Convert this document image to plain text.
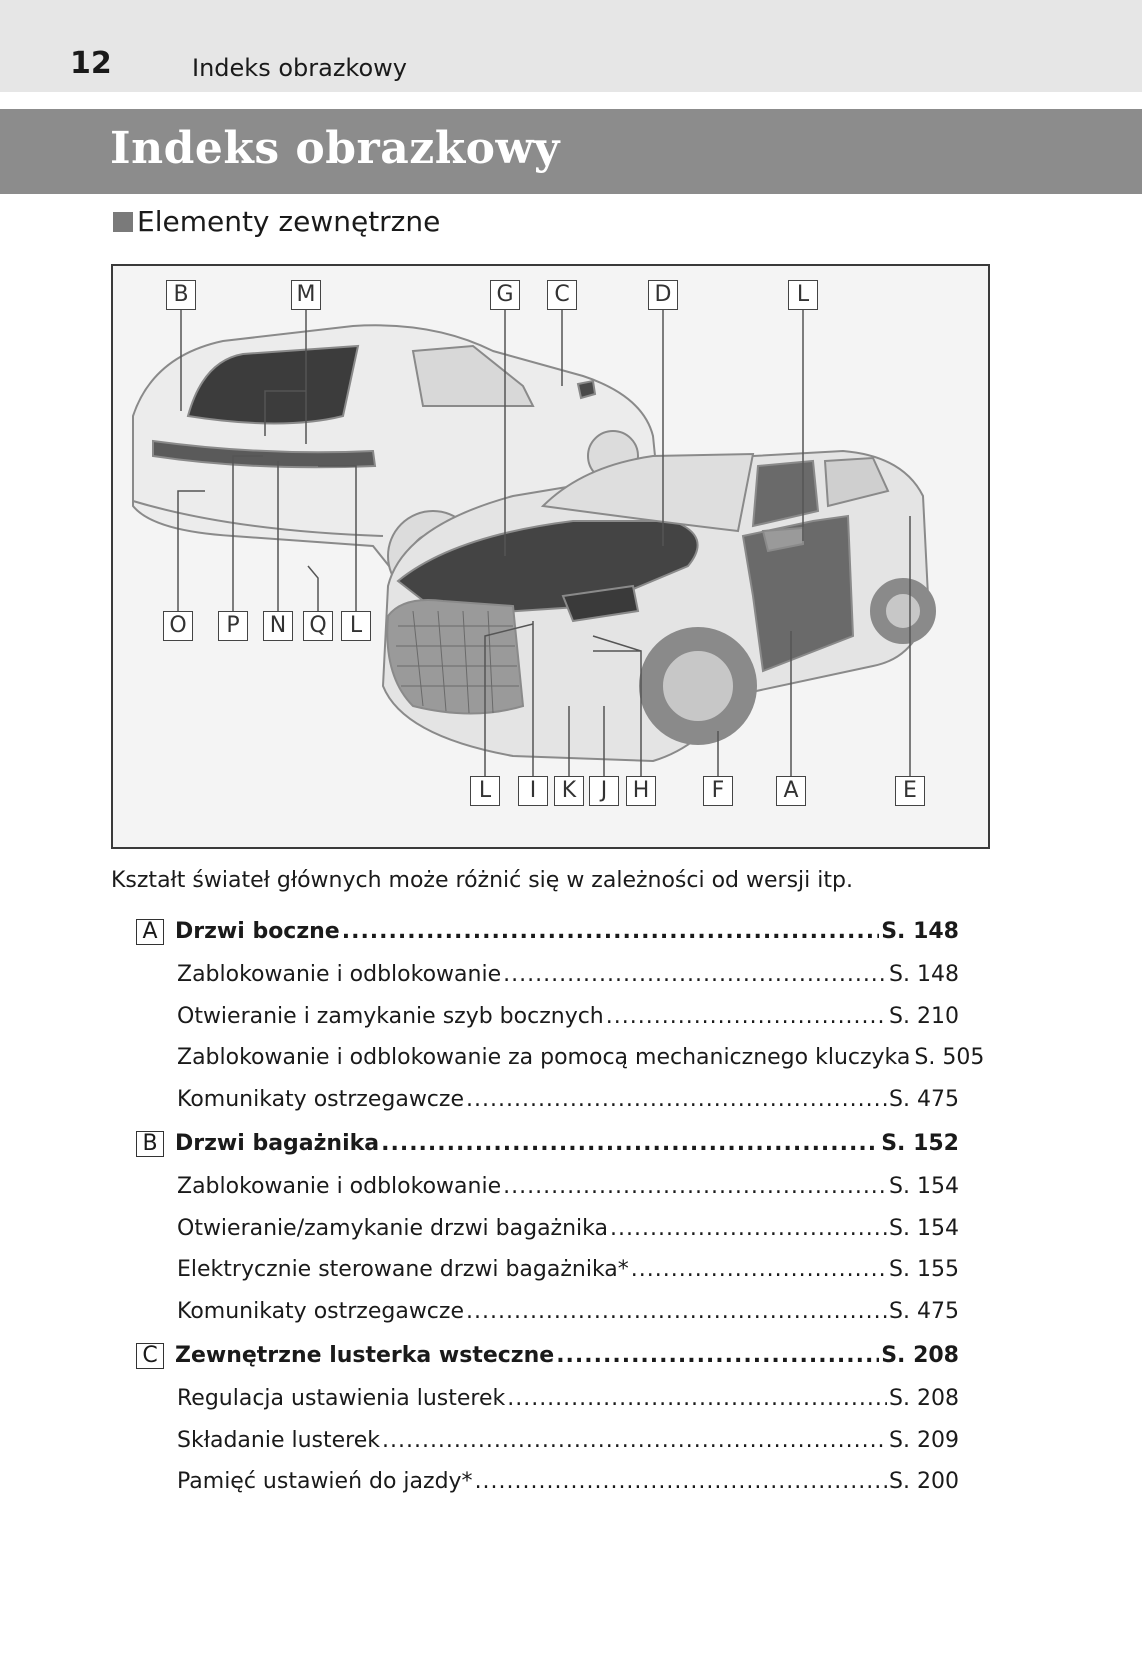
12	Indeks obrazkowy
Indeks obrazkowy
Elementy zewnętrzne
B	M	G	C	D	L
O	P	N	Q	L
L	I	K	J	H	F	A	E
Kształt świateł głównych może różnić się w zależności od wersji itp.
A Drzwi boczne .....	S. 148
Zablokowanie i odblokowanie .....	S. 148
Otwieranie i zamykanie szyb bocznych .....	S. 210
Zablokowanie i odblokowanie za pomocą mechanicznego kluczyka S. 505
Komunikaty ostrzegawcze .....	S. 475
B Drzwi bagażnika .....	S. 152
Zablokowanie i odblokowanie .....	S. 154
Otwieranie/zamykanie drzwi bagażnika .....	S. 154
Elektrycznie sterowane drzwi bagażnika* .....	S. 155
Komunikaty ostrzegawcze .....	S. 475
C Zewnętrzne lusterka wsteczne .....	S. 208
Regulacja ustawienia lusterek .....	S. 208
Składanie lusterek .....	S. 209
Pamięć ustawień do jazdy* .....	S. 200
